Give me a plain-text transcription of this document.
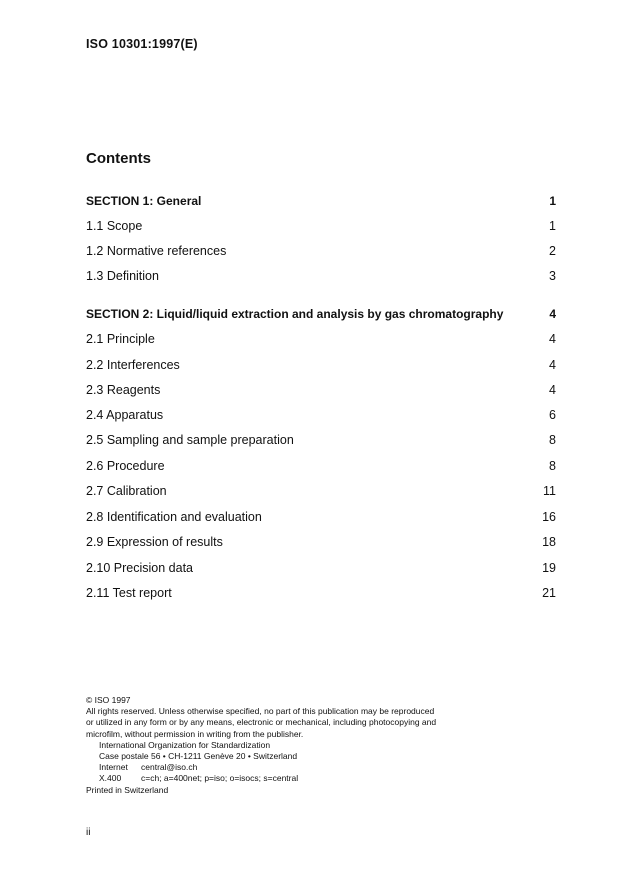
ISO 10301:1997(E)
Contents
SECTION 1: General	1
1.1 Scope	1
1.2 Normative references	2
1.3 Definition	3
SECTION 2: Liquid/liquid extraction and analysis by gas chromatography	4
2.1 Principle	4
2.2 Interferences	4
2.3 Reagents	4
2.4 Apparatus	6
2.5 Sampling and sample preparation	8
2.6 Procedure	8
2.7 Calibration	11
2.8 Identification and evaluation	16
2.9 Expression of results	18
2.10 Precision data	19
2.11 Test report	21
© ISO 1997
All rights reserved. Unless otherwise specified, no part of this publication may be reproduced
or utilized in any form or by any means, electronic or mechanical, including photocopying and
microfilm, without permission in writing from the publisher.
International Organization for Standardization
Case postale 56 • CH-1211 Genève 20 • Switzerland
Internet central@iso.ch
X.400 c=ch; a=400net; p=iso; o=isocs; s=central
Printed in Switzerland
ii
